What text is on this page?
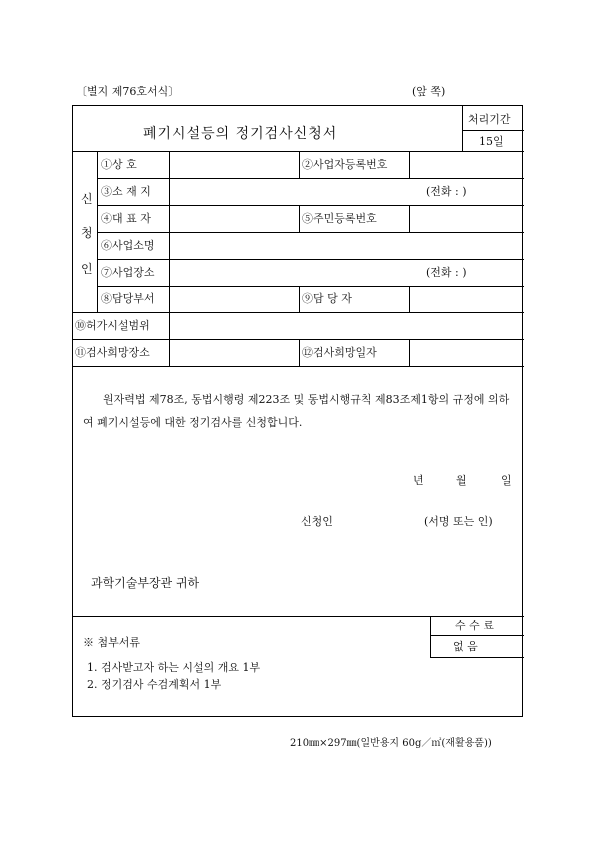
〔별지 제76호서식〕	(앞 쪽)
폐기시설등의 정기검사신청서
처리기간
15일
신
청
인
①상 호	②사업자등록번호
③소 재 지	(전화 : )
④대 표 자	⑤주민등록번호
⑥사업소명
⑦사업장소	(전화 : )
⑧담당부서	⑨담 당 자
⑩허가시설범위
⑪검사희망장소	⑫검사희망일자
원자력법 제78조, 동법시행령 제223조 및 동법시행규칙 제83조제1항의 규정에 의하여 폐기시설등에 대한 정기검사를 신청합니다.
년	월	일
신청인	(서명 또는 인)
과학기술부장관 귀하
수 수 료
없 음
※ 첨부서류
1. 검사받고자 하는 시설의 개요 1부
2. 정기검사 수검계획서 1부
210㎜×297㎜(일반용지 60g／㎡(재활용품))
